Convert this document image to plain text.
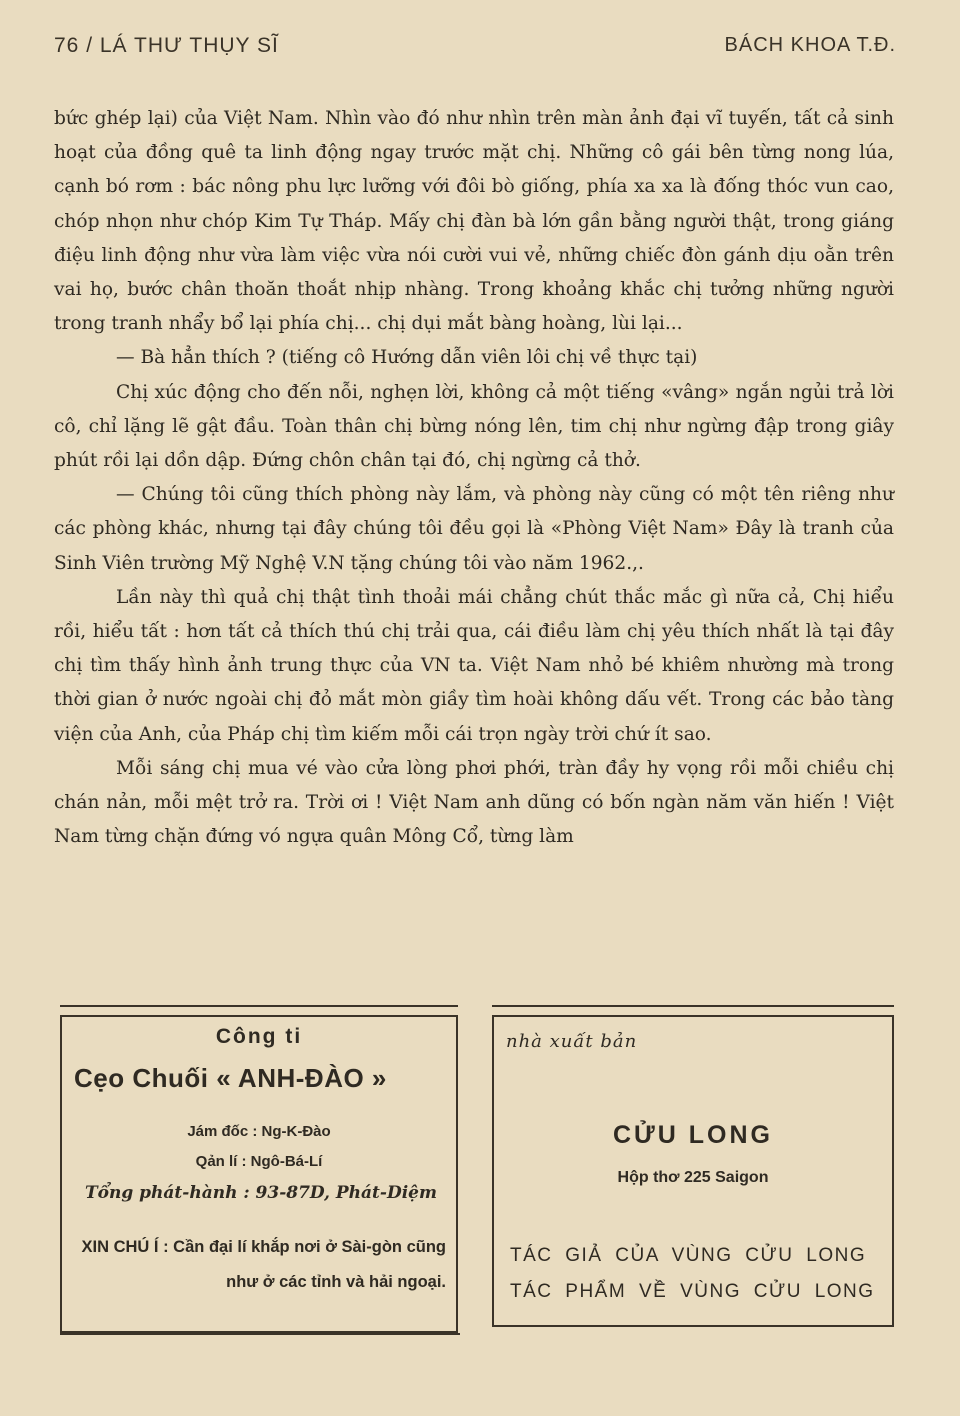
76 / LÁ THƯ THỤY SĨ	BÁCH KHOA T.Đ.

bức ghép lại) của Việt Nam. Nhìn vào đó như nhìn trên màn ảnh đại vĩ tuyến, tất cả sinh hoạt của đồng quê ta linh động ngay trước mặt chị. Những cô gái bên từng nong lúa, cạnh bó rơm : bác nông phu lực lưỡng với đôi bò giống, phía xa xa là đống thóc vun cao, chóp nhọn như chóp Kim Tự Tháp. Mấy chị đàn bà lớn gần bằng người thật, trong giáng điệu linh động như vừa làm việc vừa nói cười vui vẻ, những chiếc đòn gánh dịu oằn trên vai họ, bước chân thoăn thoắt nhịp nhàng. Trong khoảng khắc chị tưởng những người trong tranh nhẩy bổ lại phía chị... chị dụi mắt bàng hoàng, lùi lại...

— Bà hẳn thích ? (tiếng cô Hướng dẫn viên lôi chị về thực tại)

Chị xúc động cho đến nỗi, nghẹn lời, không cả một tiếng «vâng» ngắn ngủi trả lời cô, chỉ lặng lẽ gật đầu. Toàn thân chị bừng nóng lên, tim chị như ngừng đập trong giây phút rồi lại dồn dập. Đứng chôn chân tại đó, chị ngừng cả thở.

— Chúng tôi cũng thích phòng này lắm, và phòng này cũng có một tên riêng như các phòng khác, nhưng tại đây chúng tôi đều gọi là «Phòng Việt Nam» Đây là tranh của Sinh Viên trường Mỹ Nghệ V.N tặng chúng tôi vào năm 1962.,.

Lần này thì quả chị thật tình thoải mái chẳng chút thắc mắc gì nữa cả, Chị hiểu rồi, hiểu tất : hơn tất cả thích thú chị trải qua, cái điều làm chị yêu thích nhất là tại đây chị tìm thấy hình ảnh trung thực của VN ta. Việt Nam nhỏ bé khiêm nhường mà trong thời gian ở nước ngoài chị đỏ mắt mòn giầy tìm hoài không dấu vết. Trong các bảo tàng viện của Anh, của Pháp chị tìm kiếm mỗi cái trọn ngày trời chứ ít sao.

Mỗi sáng chị mua vé vào cửa lòng phơi phới, tràn đầy hy vọng rồi mỗi chiều chị chán nản, mỗi mệt trở ra. Trời ơi ! Việt Nam anh dũng có bốn ngàn năm văn hiến ! Việt Nam từng chặn đứng vó ngựa quân Mông Cổ, từng làm

Công ti
Cẹo Chuối « ANH-ĐÀO »
Jám đốc : Ng-K-Đào
Qản lí : Ngô-Bá-Lí
Tổng phát-hành : 93-87D, Phát-Diệm
XIN CHÚ Í : Cần đại lí khắp nơi ở Sài-gòn cũng như ở các tỉnh và hải ngoại.
nhà xuất bản
CỬU LONG
Hộp thơ 225 Saigon
TÁC GIẢ CỦA VÙNG CỬU LONG
TÁC PHẨM VỀ VÙNG CỬU LONG
